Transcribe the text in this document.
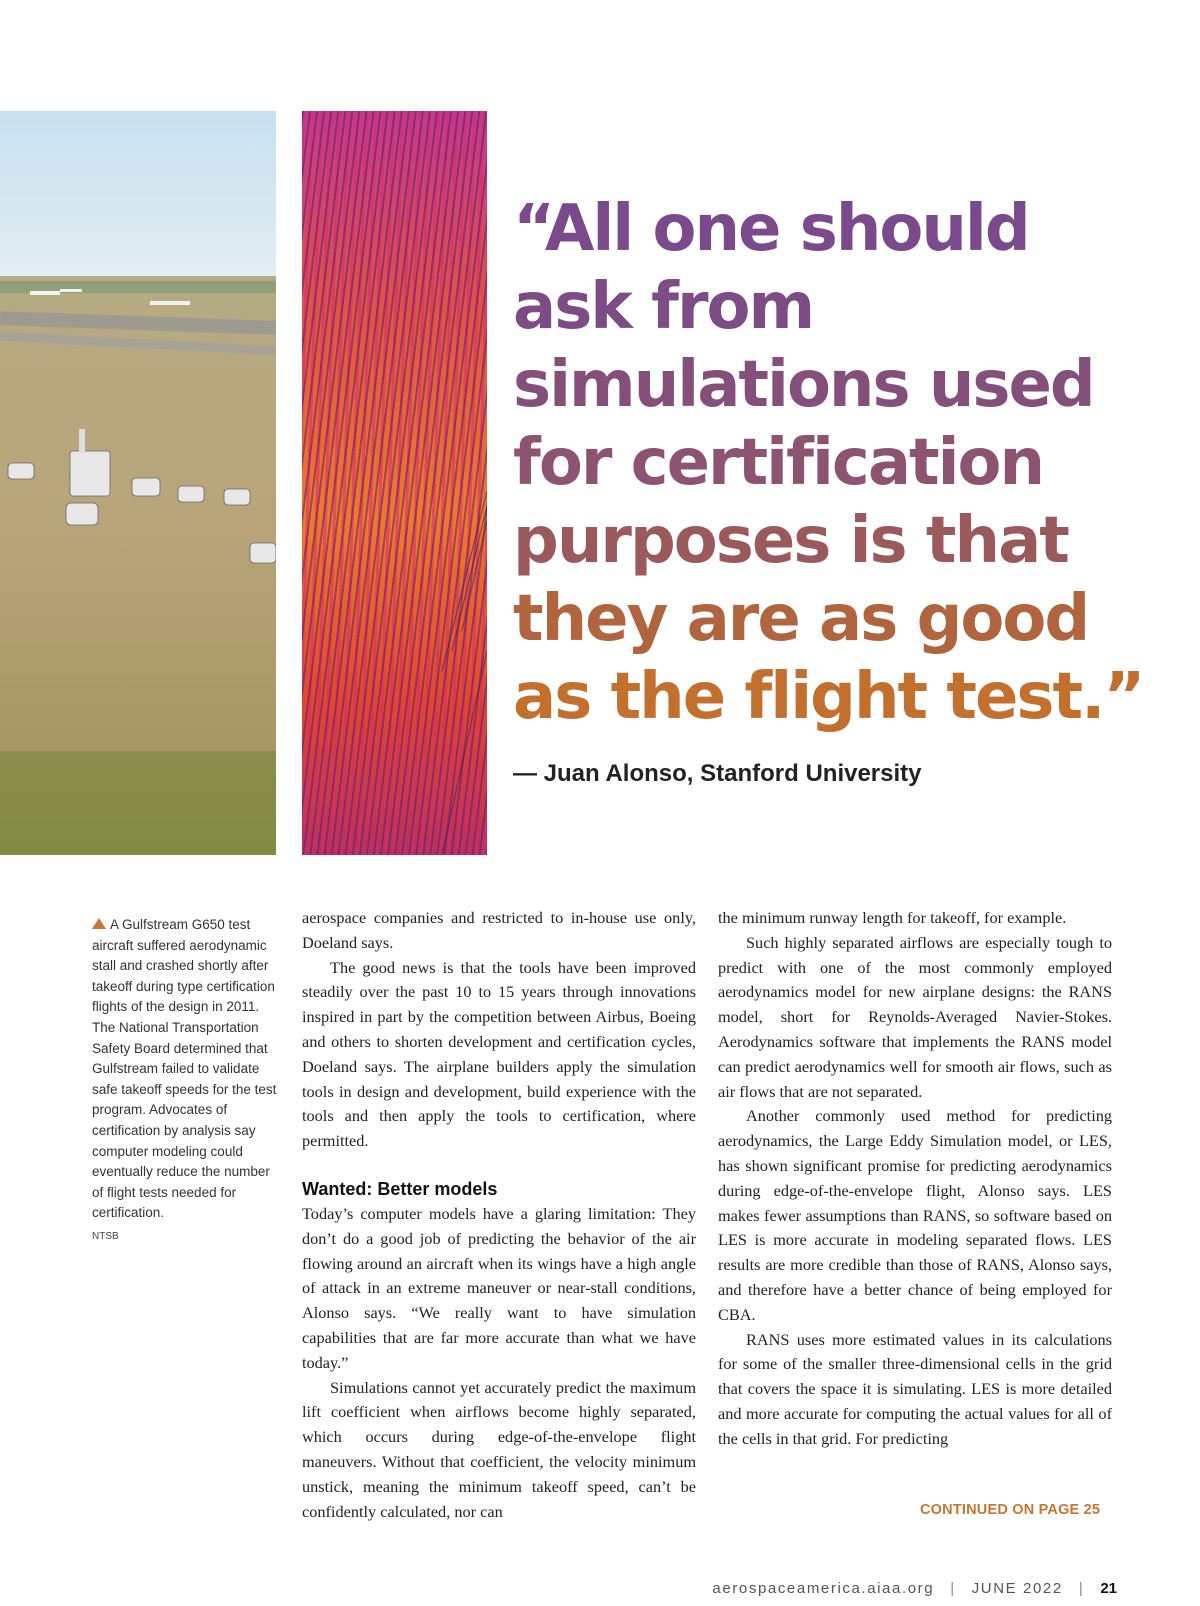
“All one should
ask from
simulations used
for certification
purposes is that
they are as good
as the flight test.”

— Juan Alonso, Stanford University

A Gulfstream G650 test aircraft suffered aerodynamic stall and crashed shortly after takeoff during type certification flights of the design in 2011. The National Transportation Safety Board determined that Gulfstream failed to validate safe takeoff speeds for the test program. Advocates of certification by analysis say computer modeling could eventually reduce the number of flight tests needed for certification.
NTSB

aerospace companies and restricted to in-house use only, Doeland says.

The good news is that the tools have been improved steadily over the past 10 to 15 years through innovations inspired in part by the competition between Airbus, Boeing and others to shorten development and certification cycles, Doeland says. The airplane builders apply the simulation tools in design and development, build experience with the tools and then apply the tools to certification, where permitted.

Wanted: Better models

Today’s computer models have a glaring limitation: They don’t do a good job of predicting the behavior of the air flowing around an aircraft when its wings have a high angle of attack in an extreme maneuver or near-stall conditions, Alonso says. “We really want to have simulation capabilities that are far more accurate than what we have today.”

Simulations cannot yet accurately predict the maximum lift coefficient when airflows become highly separated, which occurs during edge-of-the-envelope flight maneuvers. Without that coefficient, the velocity minimum unstick, meaning the minimum takeoff speed, can’t be confidently calculated, nor can

the minimum runway length for takeoff, for example.

Such highly separated airflows are especially tough to predict with one of the most commonly employed aerodynamics model for new airplane designs: the RANS model, short for Reynolds-Averaged Navier-Stokes. Aerodynamics software that implements the RANS model can predict aerodynamics well for smooth air flows, such as air flows that are not separated.

Another commonly used method for predicting aerodynamics, the Large Eddy Simulation model, or LES, has shown significant promise for predicting aerodynamics during edge-of-the-envelope flight, Alonso says. LES makes fewer assumptions than RANS, so software based on LES is more accurate in modeling separated flows. LES results are more credible than those of RANS, Alonso says, and therefore have a better chance of being employed for CBA.

RANS uses more estimated values in its calculations for some of the smaller three-dimensional cells in the grid that covers the space it is simulating. LES is more detailed and more accurate for computing the actual values for all of the cells in that grid. For predicting

CONTINUED ON PAGE 25
aerospaceamerica.aiaa.org | JUNE 2022 | 21
